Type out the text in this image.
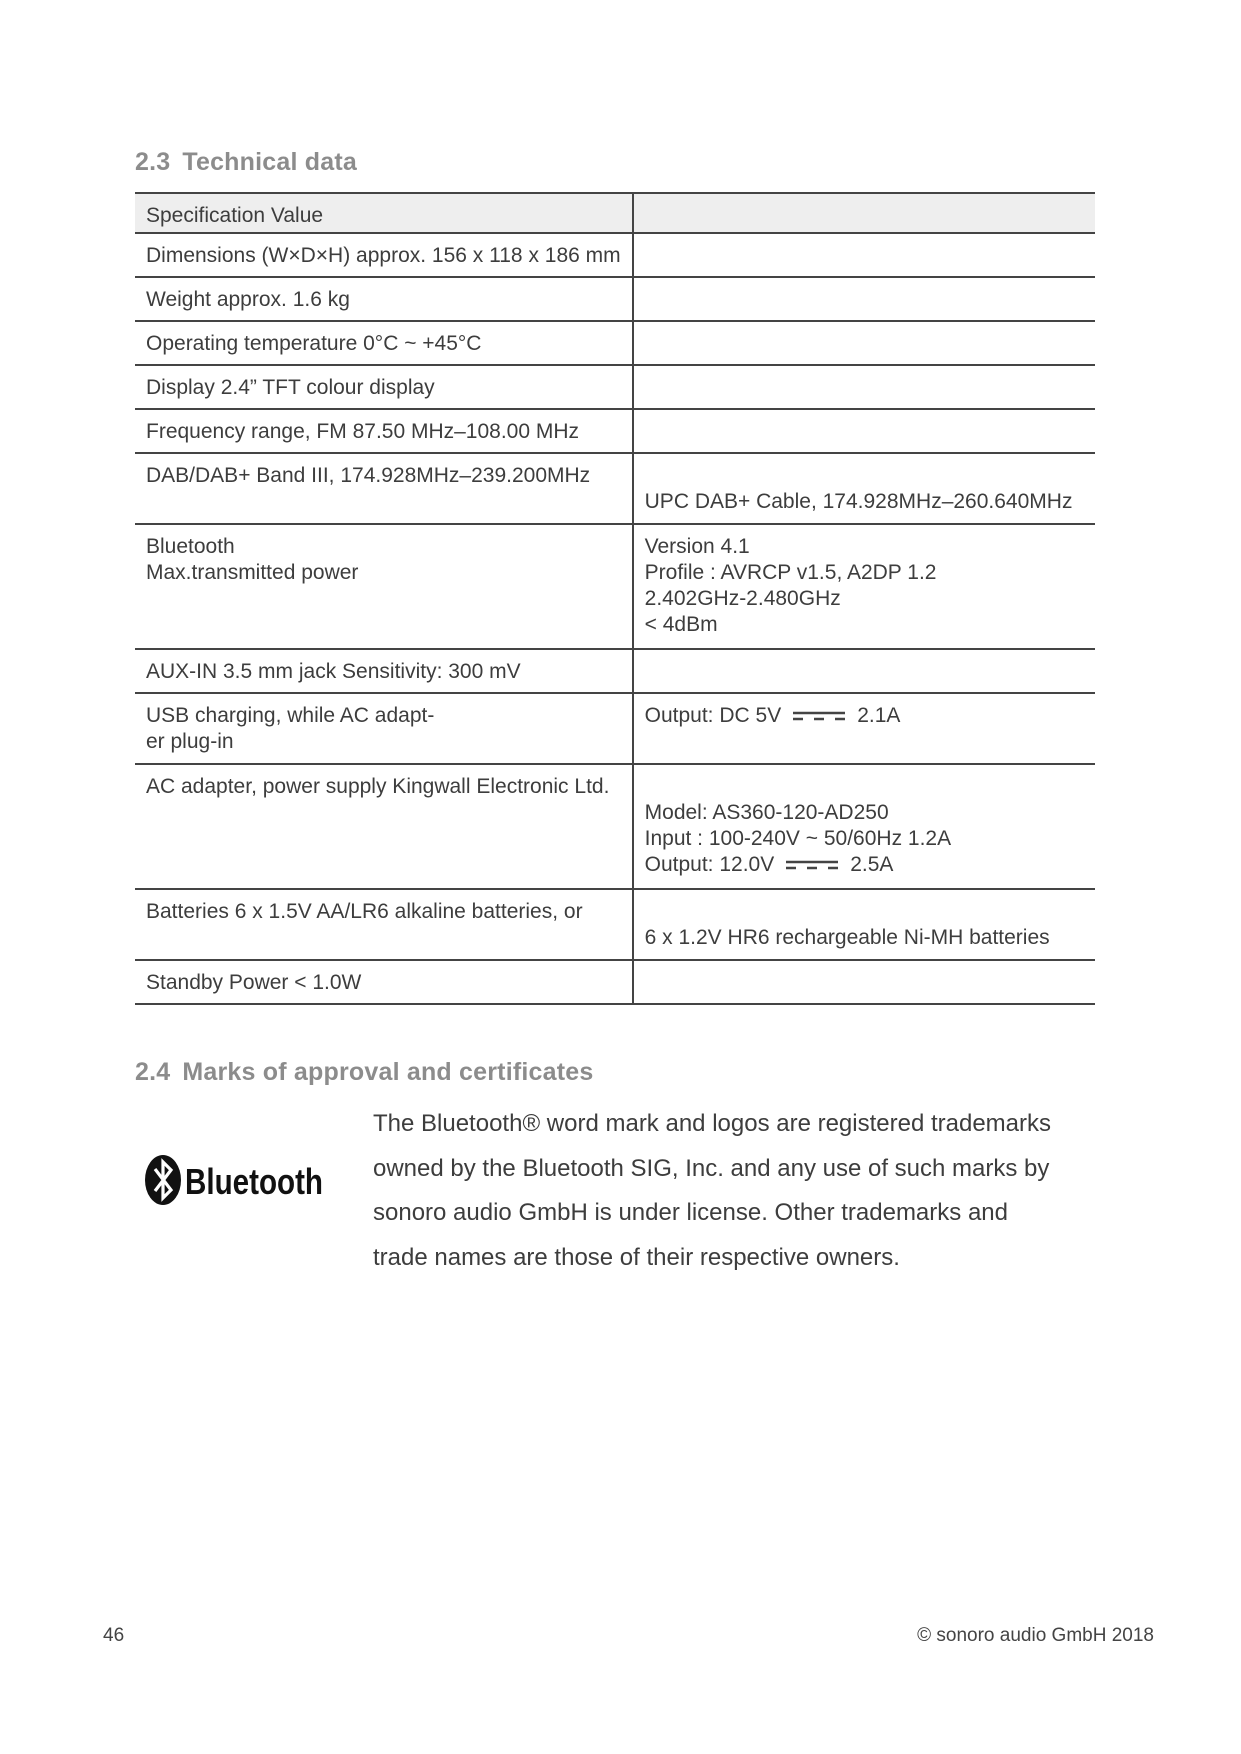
2.3 Technical data
Specification Value	

Dimensions (W×D×H) approx. 156 x 118 x 186 mm	

Weight approx. 1.6 kg	

Operating temperature 0°C ~ +45°C	

Display 2.4” TFT colour display	

Frequency range, FM 87.50 MHz–108.00 MHz	

DAB/DAB+ Band III, 174.928MHz–239.200MHz	UPC DAB+ Cable, 174.928MHz–260.640MHz

Bluetooth
Max.transmitted power	Version 4.1
Profile : AVRCP v1.5, A2DP 1.2
2.402GHz-2.480GHz
< 4dBm

AUX-IN 3.5 mm jack Sensitivity: 300 mV	

USB charging, while AC adapt-
er plug-in	Output: DC 5V 2.1A

AC adapter, power supply Kingwall Electronic Ltd.	Model: AS360-120-AD250
Input : 100-240V ~ 50/60Hz 1.2A
Output: 12.0V 2.5A

Batteries 6 x 1.5V AA/LR6 alkaline batteries, or	6 x 1.2V HR6 rechargeable Ni-MH batteries

Standby Power < 1.0W	

2.4 Marks of approval and certificates
Bluetooth

The Bluetooth® word mark and logos are registered trademarks
owned by the Bluetooth SIG, Inc. and any use of such marks by
sonoro audio GmbH is under license. Other trademarks and
trade names are those of their respective owners.

46	© sonoro audio GmbH 2018
